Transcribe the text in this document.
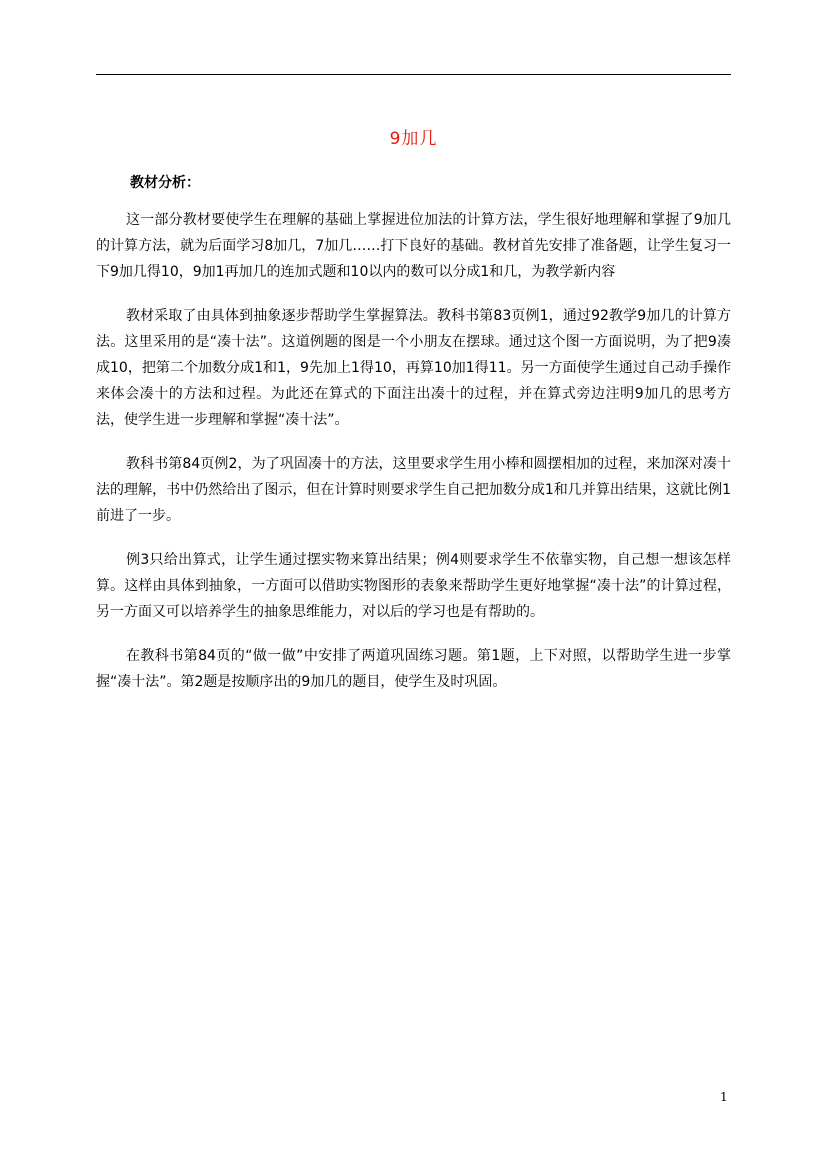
9加几
教材分析：

这一部分教材要使学生在理解的基础上掌握进位加法的计算方法，学生很好地理解和掌握了9加几的计算方法，就为后面学习8加几，7加几……打下良好的基础。教材首先安排了准备题，让学生复习一下9加几得10，9加1再加几的连加式题和10以内的数可以分成1和几，为教学新内容

教材采取了由具体到抽象逐步帮助学生掌握算法。教科书第83页例1，通过92教学9加几的计算方法。这里采用的是“凑十法”。这道例题的图是一个小朋友在摆球。通过这个图一方面说明，为了把9凑成10，把第二个加数分成1和1，9先加上1得10，再算10加1得11。另一方面使学生通过自己动手操作来体会凑十的方法和过程。为此还在算式的下面注出凑十的过程，并在算式旁边注明9加几的思考方法，使学生进一步理解和掌握“凑十法”。

教科书第84页例2，为了巩固凑十的方法，这里要求学生用小棒和圆摆相加的过程，来加深对凑十法的理解，书中仍然给出了图示，但在计算时则要求学生自己把加数分成1和几并算出结果，这就比例1前进了一步。

例3只给出算式，让学生通过摆实物来算出结果；例4则要求学生不依靠实物，自己想一想该怎样算。这样由具体到抽象，一方面可以借助实物图形的表象来帮助学生更好地掌握“凑十法”的计算过程，另一方面又可以培养学生的抽象思维能力，对以后的学习也是有帮助的。

在教科书第84页的“做一做”中安排了两道巩固练习题。第1题，上下对照，以帮助学生进一步掌握“凑十法”。第2题是按顺序出的9加几的题目，使学生及时巩固。

1
